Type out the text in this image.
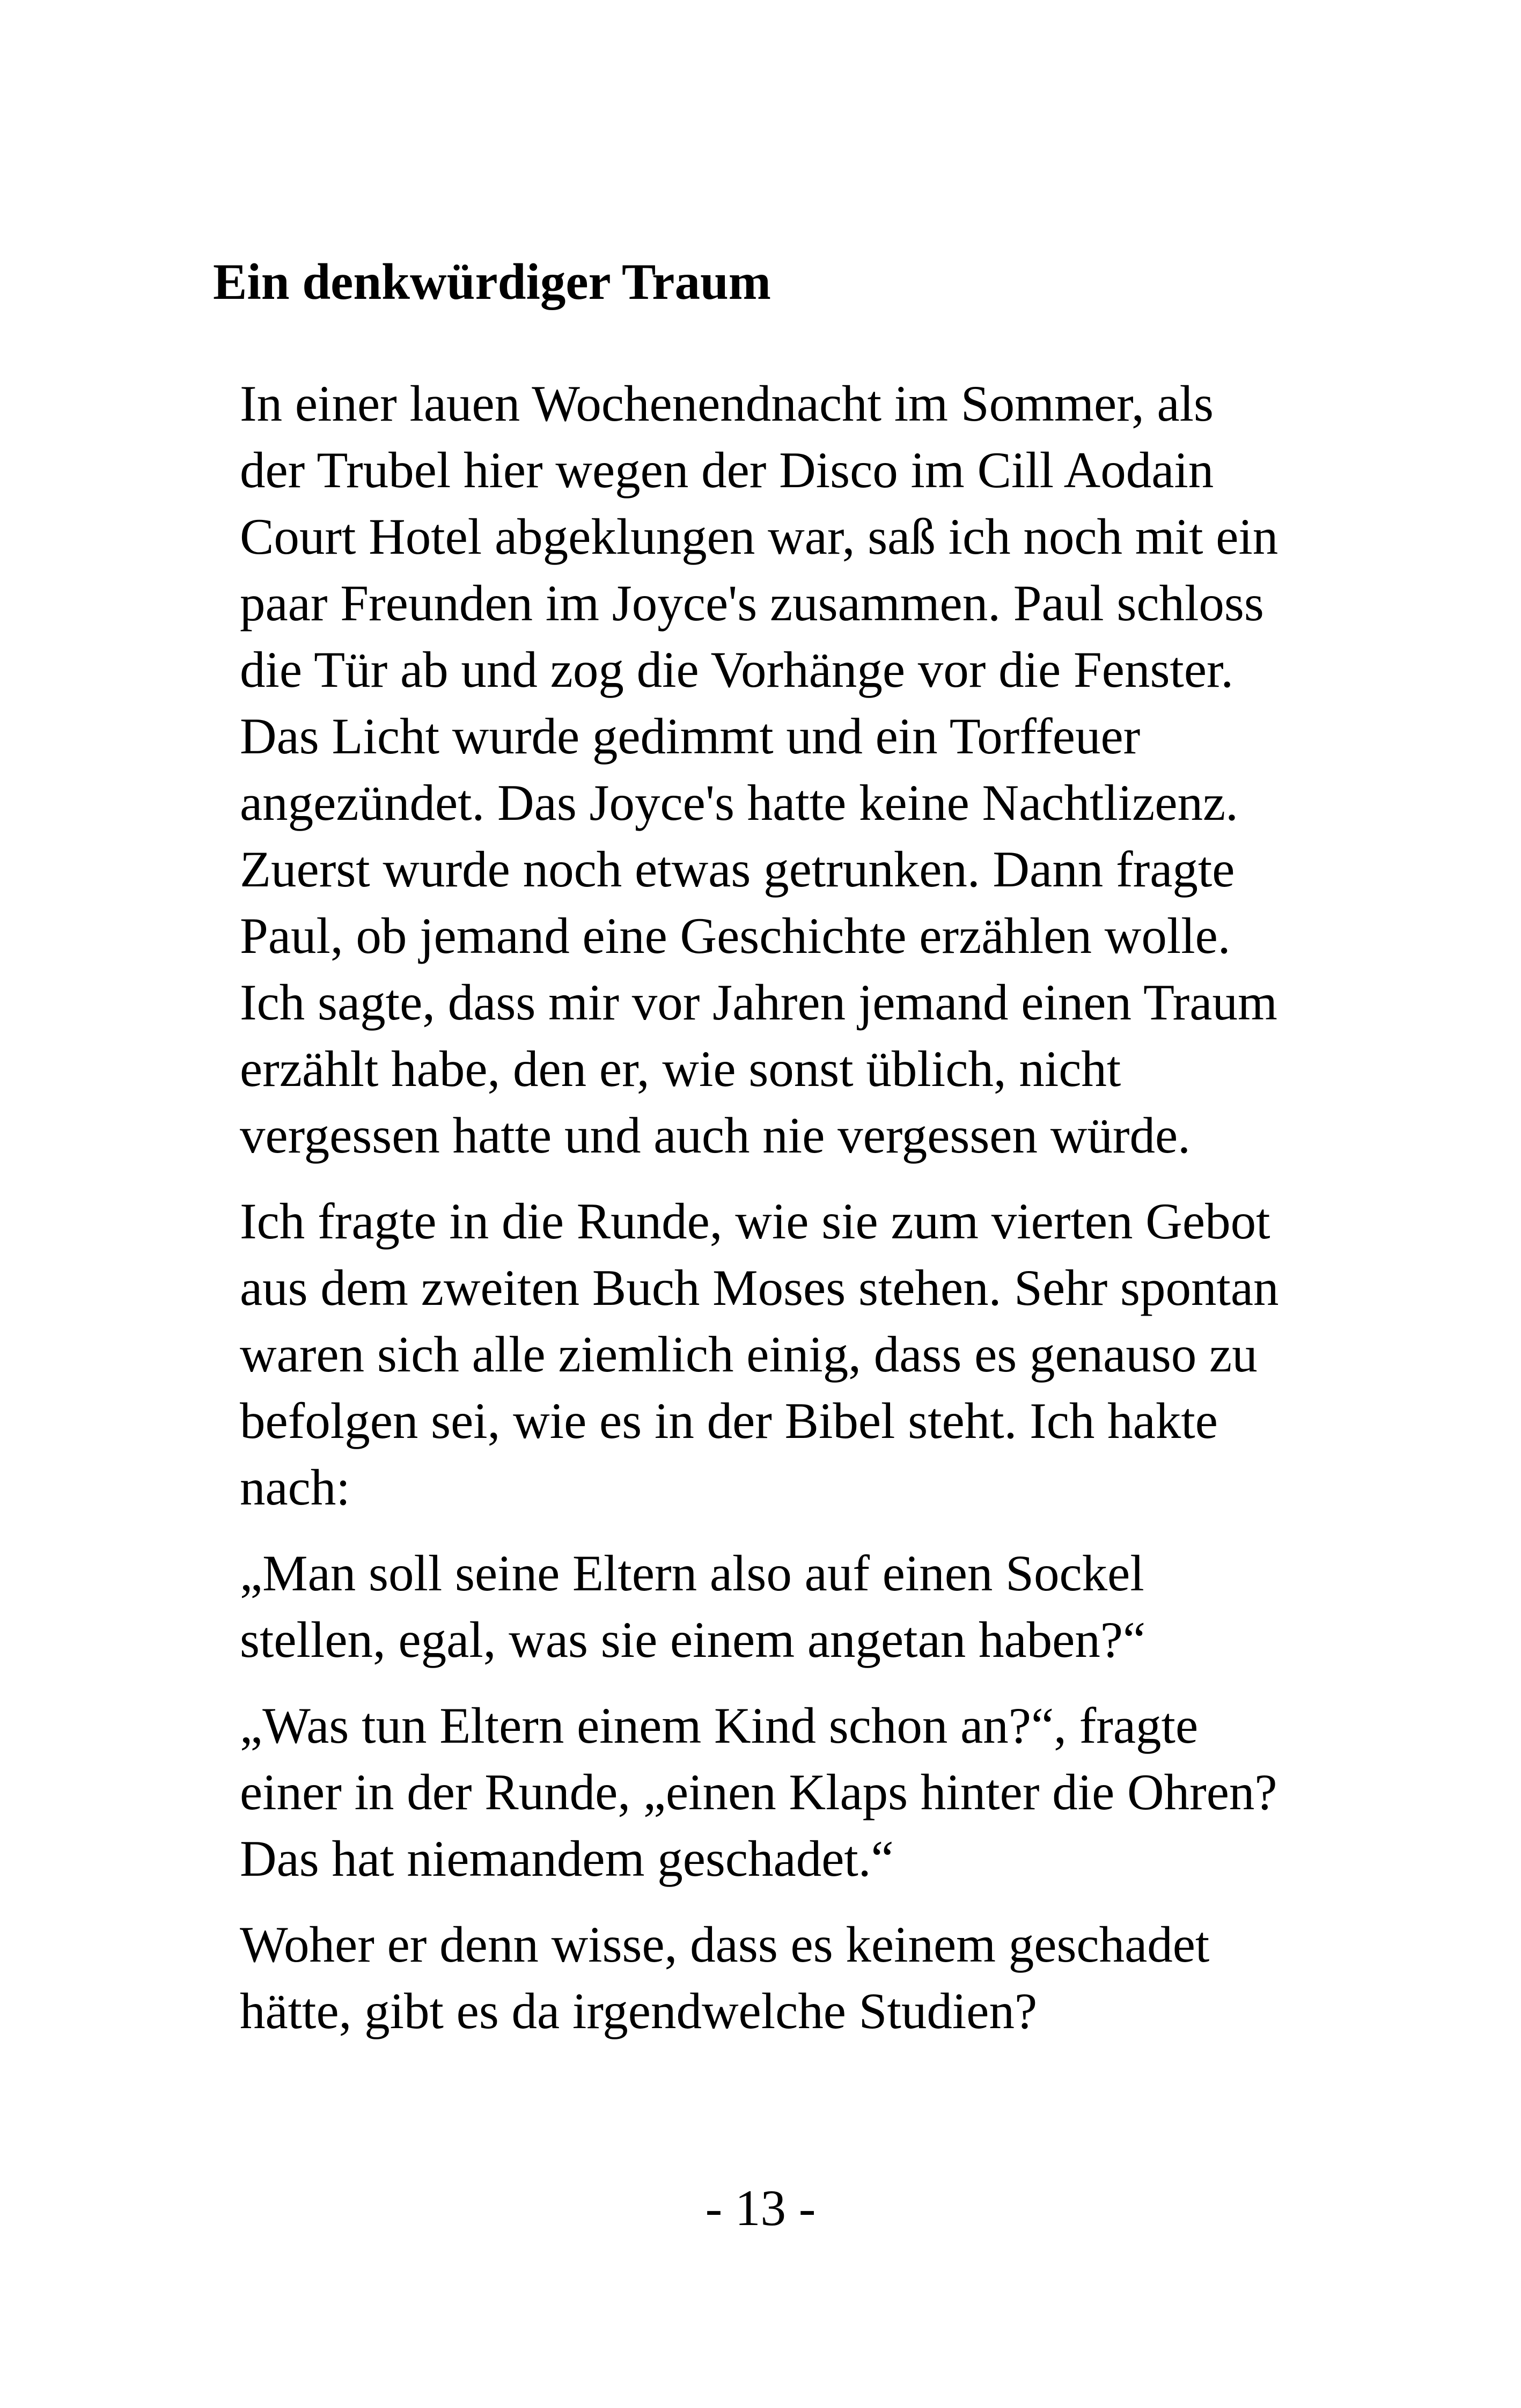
Ein denkwürdiger Traum

In einer lauen Wochenendnacht im Sommer, als
der Trubel hier wegen der Disco im Cill Aodain
Court Hotel abgeklungen war, saß ich noch mit ein
paar Freunden im Joyce's zusammen. Paul schloss
die Tür ab und zog die Vorhänge vor die Fenster.
Das Licht wurde gedimmt und ein Torffeuer
angezündet. Das Joyce's hatte keine Nachtlizenz.
Zuerst wurde noch etwas getrunken. Dann fragte
Paul, ob jemand eine Geschichte erzählen wolle.
Ich sagte, dass mir vor Jahren jemand einen Traum
erzählt habe, den er, wie sonst üblich, nicht
vergessen hatte und auch nie vergessen würde.

Ich fragte in die Runde, wie sie zum vierten Gebot
aus dem zweiten Buch Moses stehen. Sehr spontan
waren sich alle ziemlich einig, dass es genauso zu
befolgen sei, wie es in der Bibel steht. Ich hakte
nach:

„Man soll seine Eltern also auf einen Sockel
stellen, egal, was sie einem angetan haben?“

„Was tun Eltern einem Kind schon an?“, fragte
einer in der Runde, „einen Klaps hinter die Ohren?
Das hat niemandem geschadet.“

Woher er denn wisse, dass es keinem geschadet
hätte, gibt es da irgendwelche Studien?

- 13 -
